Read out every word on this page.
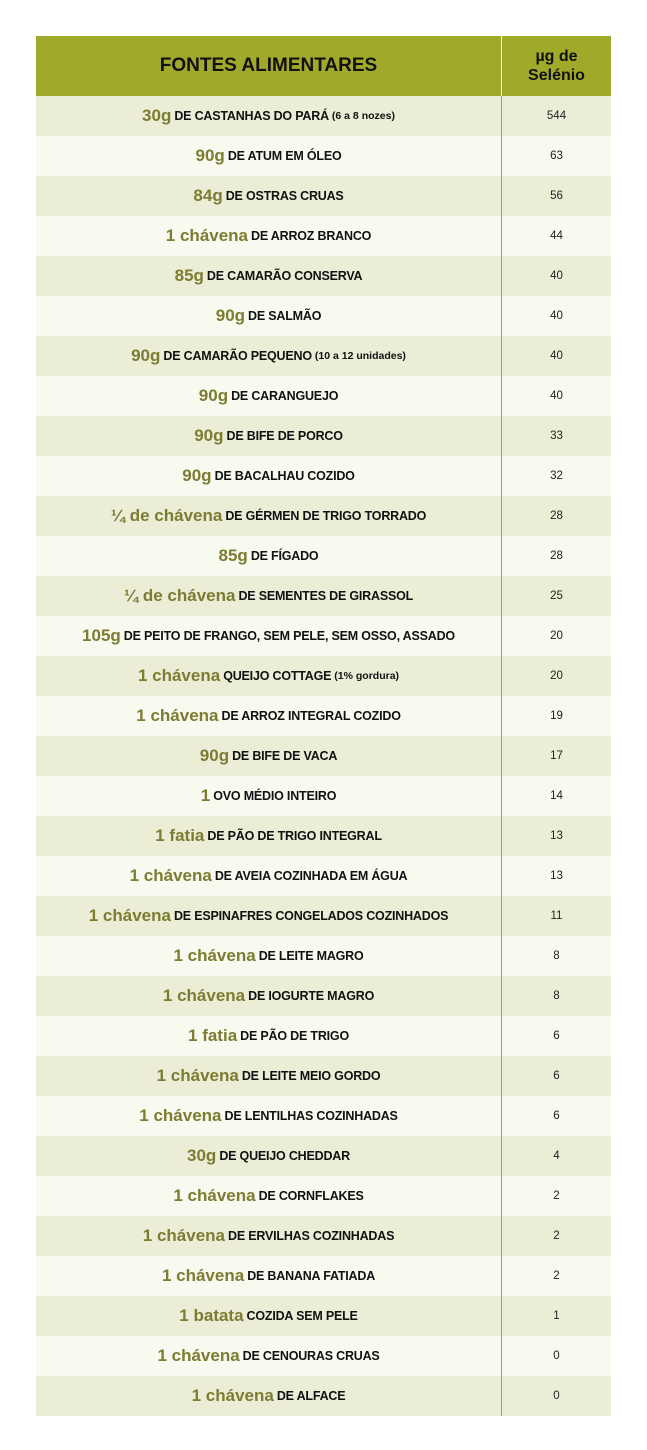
FONTES ALIMENTARES	µg de
Selénio
30g DE CASTANHAS DO PARÁ (6 a 8 nozes)	544
90g DE ATUM EM ÓLEO	63
84g DE OSTRAS CRUAS	56
1 chávena DE ARROZ BRANCO	44
85g DE CAMARÃO CONSERVA	40
90g DE SALMÃO	40
90g DE CAMARÃO PEQUENO (10 a 12 unidades)	40
90g DE CARANGUEJO	40
90g DE BIFE DE PORCO	33
90g DE BACALHAU COZIDO	32
¼ de chávena DE GÉRMEN DE TRIGO TORRADO	28
85g DE FÍGADO	28
¼ de chávena DE SEMENTES DE GIRASSOL	25
105g DE PEITO DE FRANGO, SEM PELE, SEM OSSO, ASSADO	20
1 chávena QUEIJO COTTAGE (1% gordura)	20
1 chávena DE ARROZ INTEGRAL COZIDO	19
90g DE BIFE DE VACA	17
1 OVO MÉDIO INTEIRO	14
1 fatia DE PÃO DE TRIGO INTEGRAL	13
1 chávena DE AVEIA COZINHADA EM ÁGUA	13
1 chávena DE ESPINAFRES CONGELADOS COZINHADOS	11
1 chávena DE LEITE MAGRO	8
1 chávena DE IOGURTE MAGRO	8
1 fatia DE PÃO DE TRIGO	6
1 chávena DE LEITE MEIO GORDO	6
1 chávena DE LENTILHAS COZINHADAS	6
30g DE QUEIJO CHEDDAR	4
1 chávena DE CORNFLAKES	2
1 chávena DE ERVILHAS COZINHADAS	2
1 chávena DE BANANA FATIADA	2
1 batata COZIDA SEM PELE	1
1 chávena DE CENOURAS CRUAS	0
1 chávena DE ALFACE	0
